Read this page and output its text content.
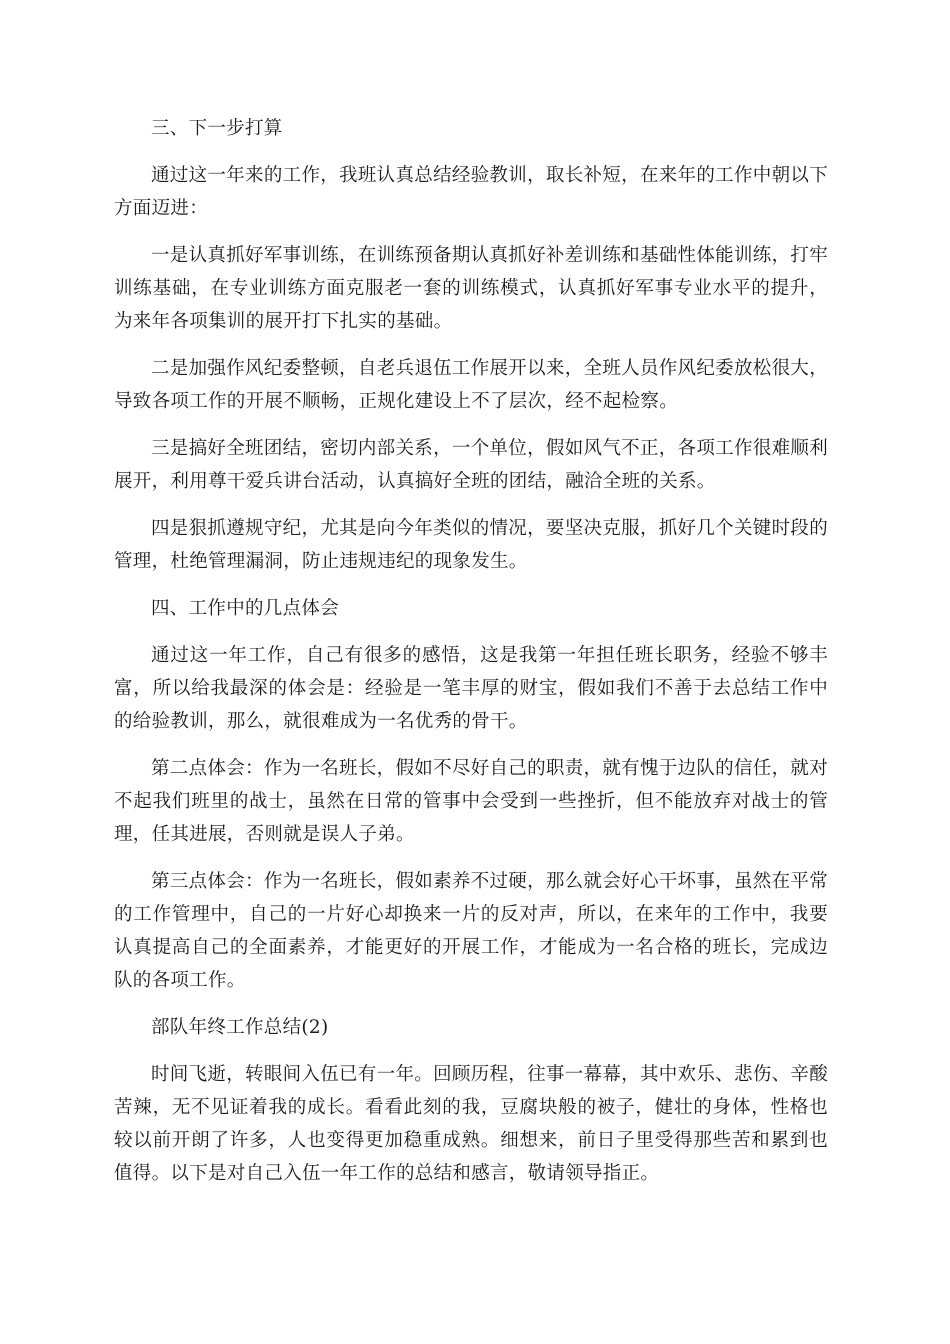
三、下一步打算

通过这一年来的工作，我班认真总结经验教训，取长补短，在来年的工作中朝以下方面迈进：

一是认真抓好军事训练，在训练预备期认真抓好补差训练和基础性体能训练，打牢训练基础，在专业训练方面克服老一套的训练模式，认真抓好军事专业水平的提升，为来年各项集训的展开打下扎实的基础。

二是加强作风纪委整顿，自老兵退伍工作展开以来，全班人员作风纪委放松很大，导致各项工作的开展不顺畅，正规化建设上不了层次，经不起检察。

三是搞好全班团结，密切内部关系，一个单位，假如风气不正，各项工作很难顺利展开，利用尊干爱兵讲台活动，认真搞好全班的团结，融洽全班的关系。

四是狠抓遵规守纪，尤其是向今年类似的情况，要坚决克服，抓好几个关键时段的管理，杜绝管理漏洞，防止违规违纪的现象发生。

四、工作中的几点体会

通过这一年工作，自己有很多的感悟，这是我第一年担任班长职务，经验不够丰富，所以给我最深的体会是：经验是一笔丰厚的财宝，假如我们不善于去总结工作中的给验教训，那么，就很难成为一名优秀的骨干。

第二点体会：作为一名班长，假如不尽好自己的职责，就有愧于边队的信任，就对不起我们班里的战士，虽然在日常的管事中会受到一些挫折，但不能放弃对战士的管理，任其进展，否则就是误人子弟。

第三点体会：作为一名班长，假如素养不过硬，那么就会好心干坏事，虽然在平常的工作管理中，自己的一片好心却换来一片的反对声，所以，在来年的工作中，我要认真提高自己的全面素养，才能更好的开展工作，才能成为一名合格的班长，完成边队的各项工作。

部队年终工作总结(2)

时间飞逝，转眼间入伍已有一年。回顾历程，往事一幕幕，其中欢乐、悲伤、辛酸苦辣，无不见证着我的成长。看看此刻的我，豆腐块般的被子，健壮的身体，性格也较以前开朗了许多，人也变得更加稳重成熟。细想来，前日子里受得那些苦和累到也值得。以下是对自己入伍一年工作的总结和感言，敬请领导指正。
